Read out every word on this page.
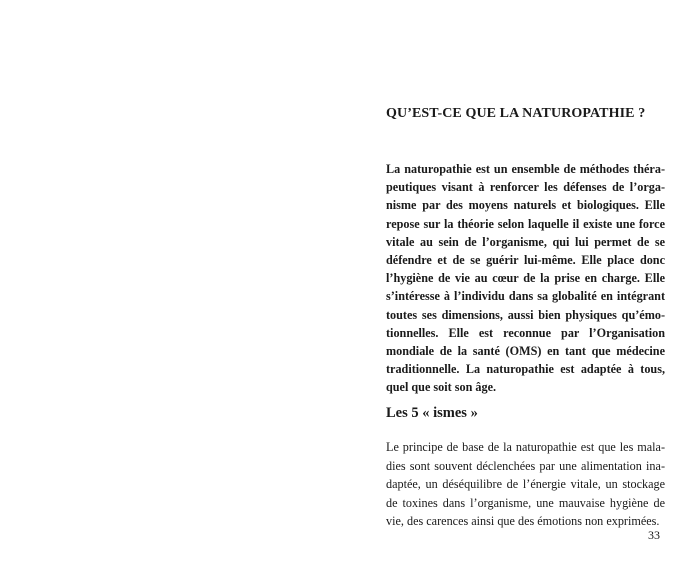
QU’EST-CE QUE LA NATUROPATHIE ?

La naturopathie est un ensemble de méthodes thérapeutiques visant à renforcer les défenses de l’organisme par des moyens naturels et biologiques. Elle repose sur la théorie selon laquelle il existe une force vitale au sein de l’organisme, qui lui permet de se défendre et de se guérir lui-même. Elle place donc l’hygiène de vie au cœur de la prise en charge. Elle s’intéresse à l’individu dans sa globalité en intégrant toutes ses dimensions, aussi bien physiques qu’émotionnelles. Elle est reconnue par l’Organisation mondiale de la santé (OMS) en tant que médecine traditionnelle. La naturopathie est adaptée à tous, quel que soit son âge.

Les 5 « ismes »

Le principe de base de la naturopathie est que les maladies sont souvent déclenchées par une alimentation inadaptée, un déséquilibre de l’énergie vitale, un stockage de toxines dans l’organisme, une mauvaise hygiène de vie, des carences ainsi que des émotions non exprimées.

33
